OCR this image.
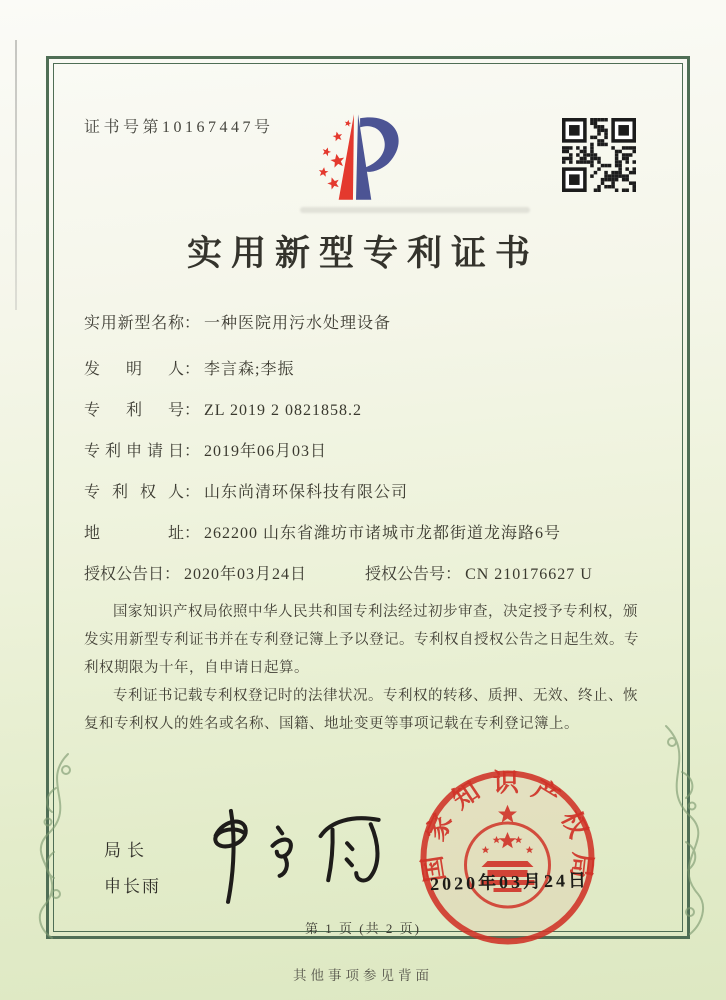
证书号第10167447号
实用新型专利证书
实用新型名称 ： 一种医院用污水处理设备
发明人 ： 李言森;李振
专利号 ： ZL 2019 2 0821858.2
专利申请日 ： 2019年06月03日
专利权人 ： 山东尚清环保科技有限公司
地址 ： 262200 山东省潍坊市诸城市龙都街道龙海路6号
授权公告日 ： 2020年03月24日	授权公告号 ： CN 210176627 U

国家知识产权局依照中华人民共和国专利法经过初步审查，决定授予专利权，颁发实用新型专利证书并在专利登记簿上予以登记。专利权自授权公告之日起生效。专利权期限为十年，自申请日起算。

专利证书记载专利权登记时的法律状况。专利权的转移、质押、无效、终止、恢复和专利权人的姓名或名称、国籍、地址变更等事项记载在专利登记簿上。

局长
申长雨
国家知识产权局
2020年03月24日
第 1 页 (共 2 页)
其他事项参见背面
